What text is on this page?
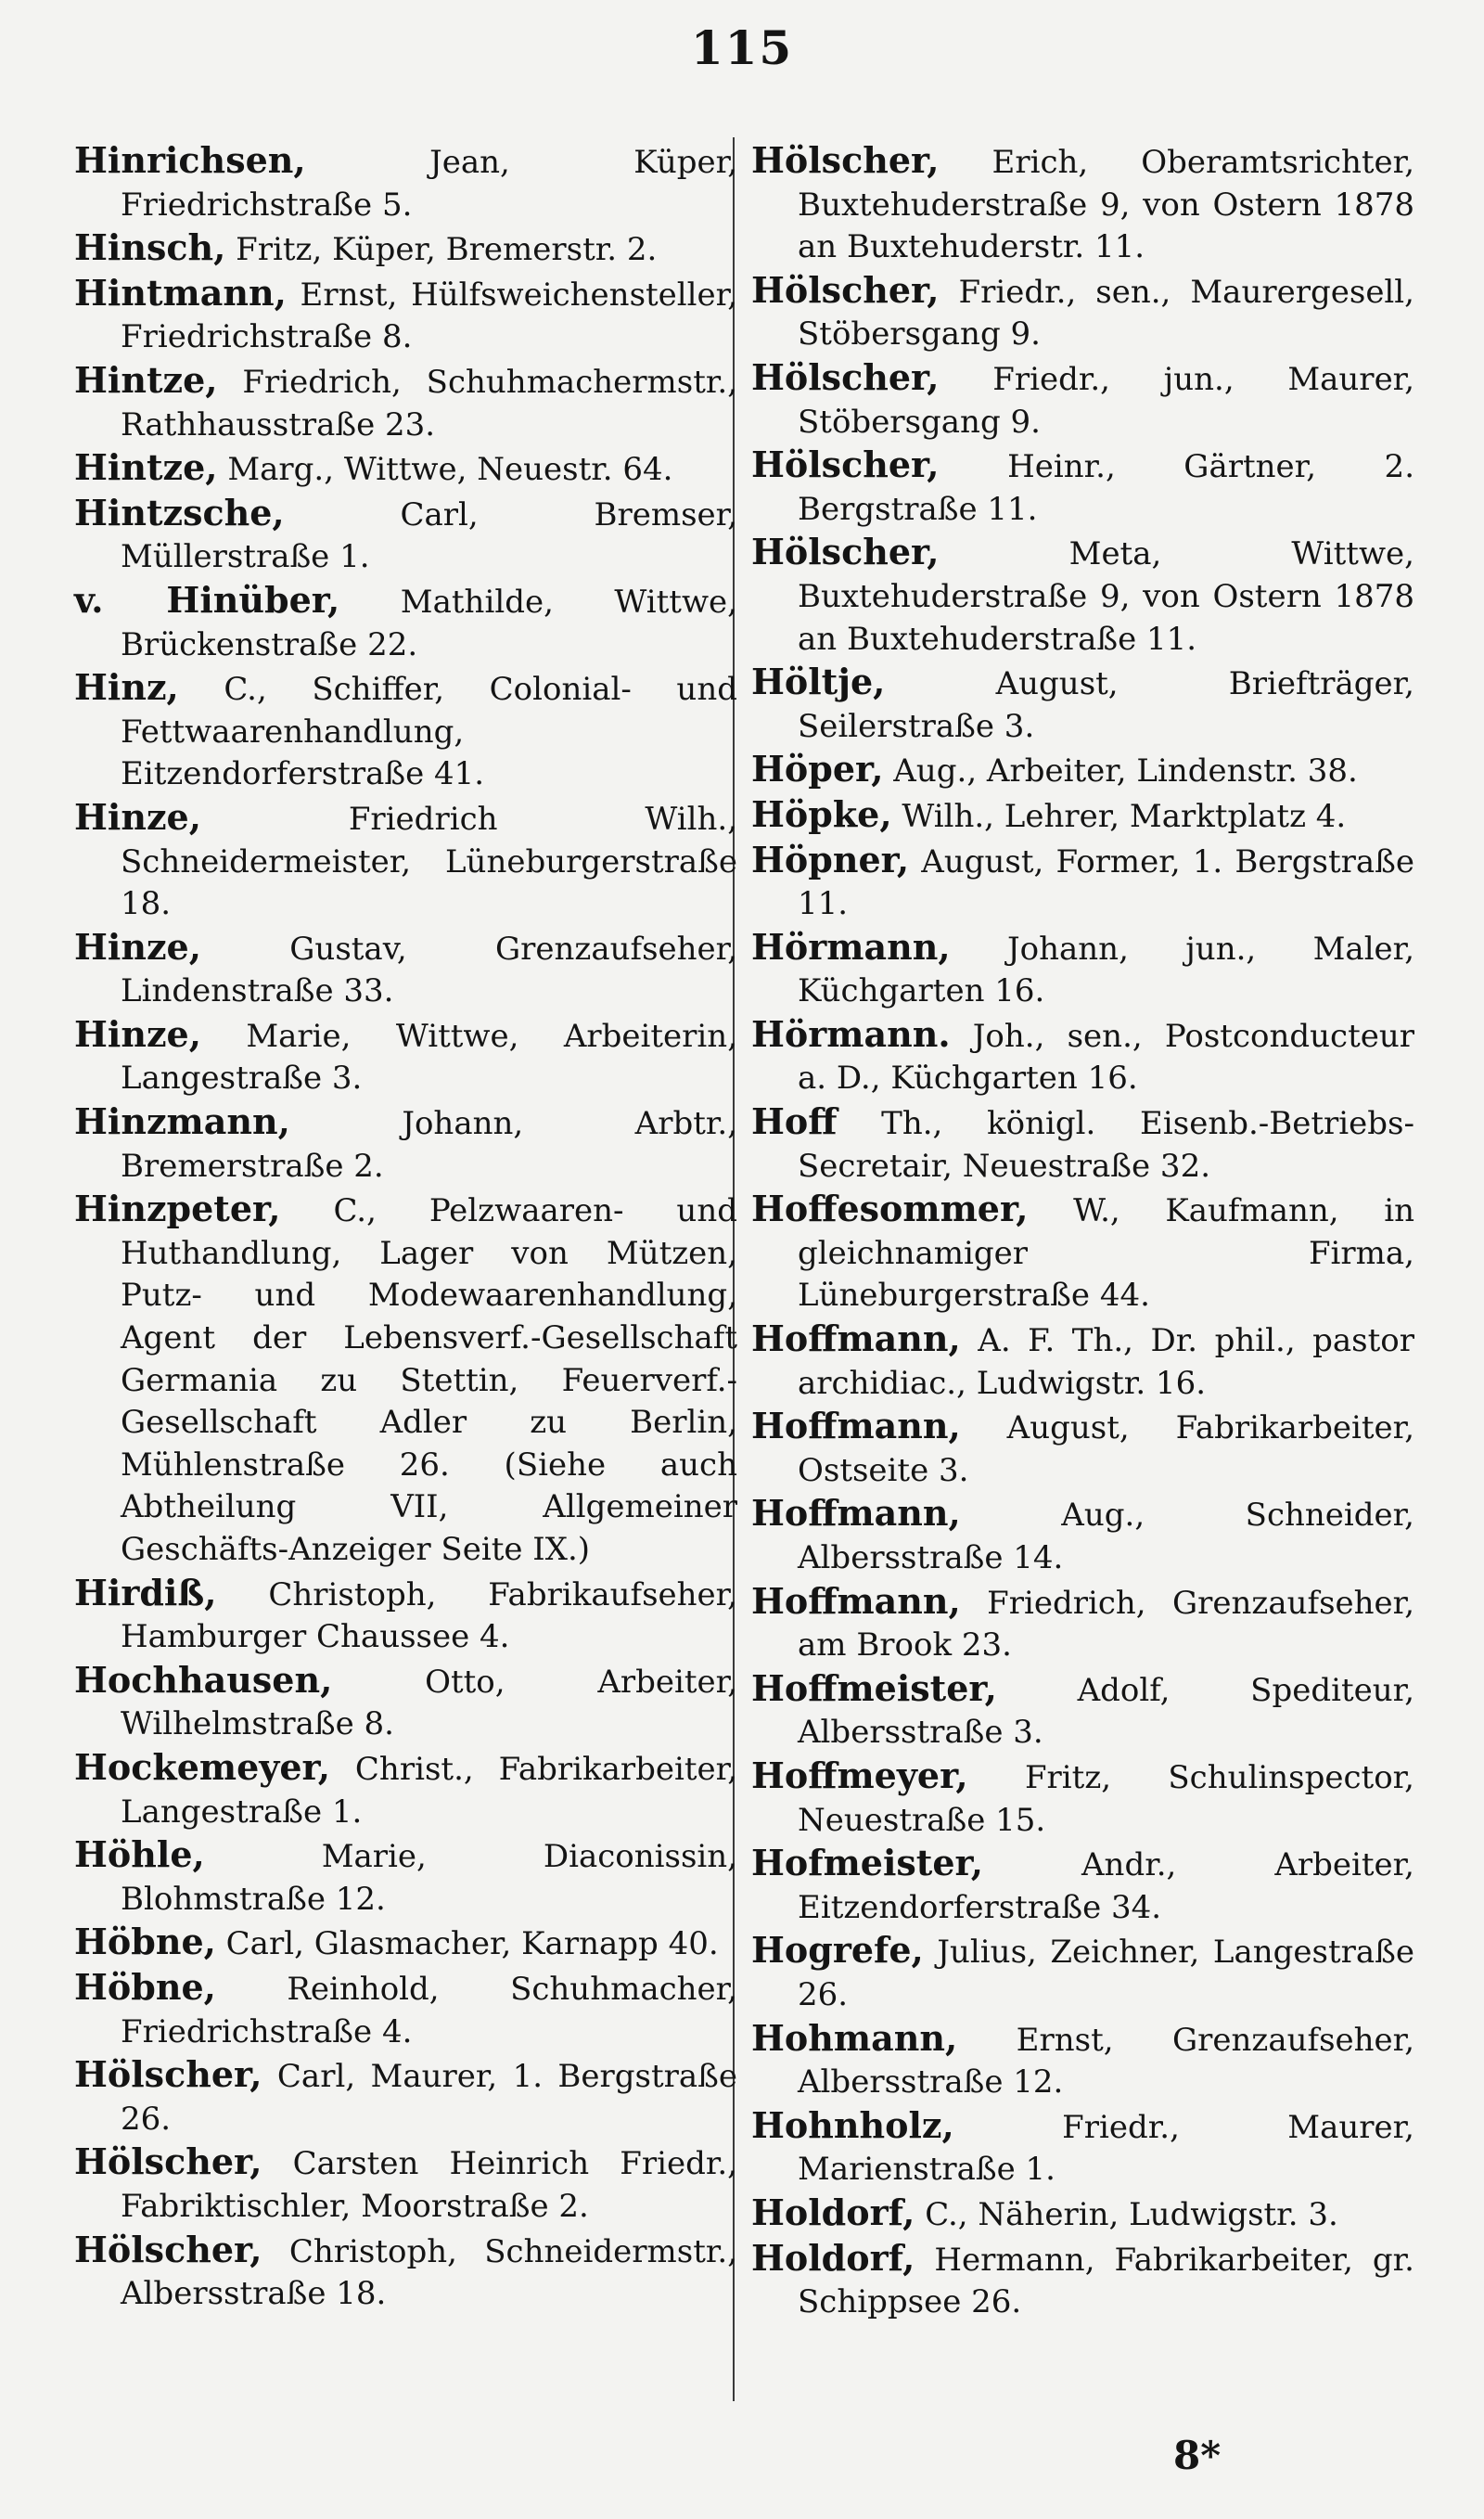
115

Hinrichsen,	Jean, Küper, Friedrichstraße 5.

Hinsch, Fritz, Küper, Bremerstr. 2.

Hintmann, Ernst, Hülfsweichensteller, Friedrichstraße 8.

Hintze, Friedrich, Schuhmachermstr., Rathhausstraße 23.

Hintze, Marg., Wittwe, Neuestr. 64.

Hintzsche,	Carl, Bremser, Müllerstraße 1.

v. Hinüber, Mathilde, Wittwe, Brückenstraße 22.

Hinz, C., Schiffer, Colonial- und Fettwaarenhandlung, Eitzendorferstraße 41.

Hinze,	Friedrich Wilh., Schneidermeister, Lüneburgerstraße 18.

Hinze,	Gustav, Grenzaufseher, Lindenstraße 33.

Hinze, Marie, Wittwe, Arbeiterin, Langestraße 3.

Hinzmann,	Johann, Arbtr., Bremerstraße 2.

Hinzpeter, C., Pelzwaaren- und Huthandlung, Lager von Mützen, Putz- und Modewaarenhandlung, Agent der Lebensverf.-Gesellschaft Germania zu Stettin, Feuerverf.-Gesellschaft Adler zu Berlin, Mühlenstraße 26. (Siehe auch Abtheilung VII, Allgemeiner Geschäfts-Anzeiger Seite IX.)

Hirdiß, Christoph, Fabrikaufseher, Hamburger Chaussee 4.

Hochhausen,	Otto, Arbeiter, Wilhelmstraße 8.

Hockemeyer, Christ., Fabrikarbeiter, Langestraße 1.

Höhle,	Marie, Diaconissin, Blohmstraße 12.

Höbne, Carl, Glasmacher, Karnapp 40.

Höbne, Reinhold, Schuhmacher, Friedrichstraße 4.

Hölscher, Carl, Maurer, 1. Bergstraße 26.

Hölscher, Carsten Heinrich Friedr., Fabriktischler, Moorstraße 2.

Hölscher, Christoph, Schneidermstr., Albersstraße 18.

Hölscher, Erich, Oberamtsrichter, Buxtehuderstraße 9, von Ostern 1878 an Buxtehuderstr. 11.

Hölscher, Friedr., sen., Maurergesell, Stöbersgang 9.

Hölscher, Friedr., jun., Maurer, Stöbersgang 9.

Hölscher, Heinr., Gärtner, 2. Bergstraße 11.

Hölscher,	Meta, Wittwe, Buxtehuderstraße 9, von Ostern 1878 an Buxtehuderstraße 11.

Höltje,	August, Briefträger, Seilerstraße 3.

Höper, Aug., Arbeiter, Lindenstr. 38.

Höpke, Wilh., Lehrer, Marktplatz 4.

Höpner, August, Former, 1. Bergstraße 11.

Hörmann, Johann, jun., Maler, Küchgarten 16.

Hörmann. Joh., sen., Postconducteur a. D., Küchgarten 16.

Hoff Th., königl. Eisenb.-Betriebs-Secretair, Neuestraße 32.

Hoffesommer, W., Kaufmann, in gleichnamiger Firma, Lüneburgerstraße 44.

Hoffmann, A. F. Th., Dr. phil., pastor archidiac., Ludwigstr. 16.

Hoffmann, August, Fabrikarbeiter, Ostseite 3.

Hoffmann,	Aug., Schneider, Albersstraße 14.

Hoffmann, Friedrich, Grenzaufseher, am Brook 23.

Hoffmeister,	Adolf, Spediteur, Albersstraße 3.

Hoffmeyer, Fritz, Schulinspector, Neuestraße 15.

Hofmeister,	Andr., Arbeiter, Eitzendorferstraße 34.

Hogrefe, Julius, Zeichner, Langestraße 26.

Hohmann, Ernst, Grenzaufseher, Albersstraße 12.

Hohnholz,	Friedr., Maurer, Marienstraße 1.

Holdorf, C., Näherin, Ludwigstr. 3.

Holdorf, Hermann, Fabrikarbeiter, gr. Schippsee 26.

8*
